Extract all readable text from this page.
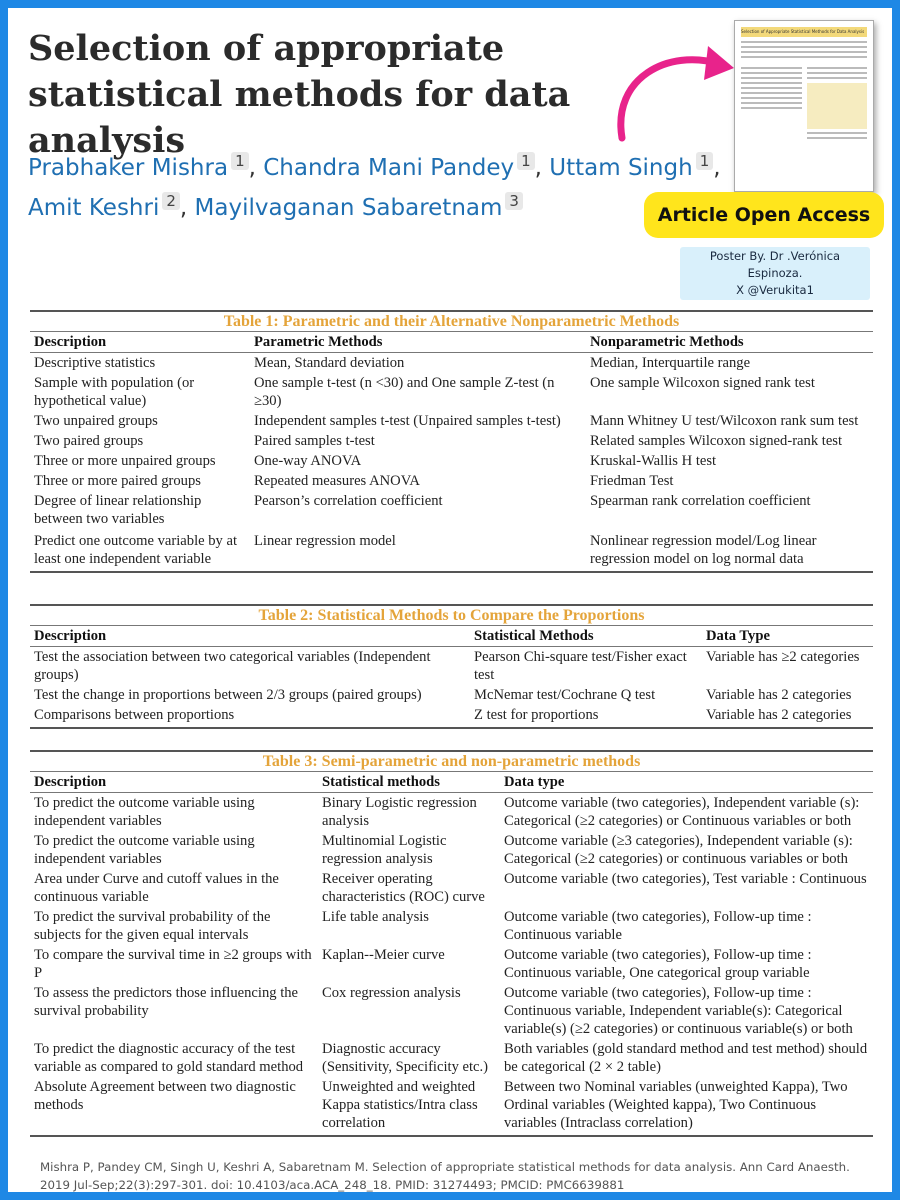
Selection of appropriate statistical methods for data analysis
Prabhaker Mishra $^1$ , Chandra Mani Pandey $^1$ , Uttam Singh $^1$ ,
Amit Keshri $^2$ , Mayilvaganan Sabaretnam $^3$
Selection of Appropriate Statistical Methods for Data Analysis
Article Open Access
Poster By. Dr .Verónica Espinoza.
X @Verukita1
Table 1: Parametric and their Alternative Nonparametric Methods
Description	Parametric Methods	Nonparametric Methods
Descriptive statistics	Mean, Standard deviation	Median, Interquartile range
Sample with population (or hypothetical value)	One sample t-test (n <30) and One sample Z-test (n ≥30)	One sample Wilcoxon signed rank test
Two unpaired groups	Independent samples t-test (Unpaired samples t-test)	Mann Whitney U test/Wilcoxon rank sum test
Two paired groups	Paired samples t-test	Related samples Wilcoxon signed-rank test
Three or more unpaired groups	One-way ANOVA	Kruskal-Wallis H test
Three or more paired groups	Repeated measures ANOVA	Friedman Test
Degree of linear relationship between two variables	Pearson’s correlation coefficient	Spearman rank correlation coefficient
Predict one outcome variable by at least one independent variable	Linear regression model	Nonlinear regression model/Log linear regression model on log normal data
Table 2: Statistical Methods to Compare the Proportions
Description	Statistical Methods	Data Type
Test the association between two categorical variables (Independent groups)	Pearson Chi-square test/Fisher exact test	Variable has ≥2 categories
Test the change in proportions between 2/3 groups (paired groups)	McNemar test/Cochrane Q test	Variable has 2 categories
Comparisons between proportions	Z test for proportions	Variable has 2 categories
Table 3: Semi-parametric and non-parametric methods
Description	Statistical methods	Data type
To predict the outcome variable using independent variables	Binary Logistic regression analysis	Outcome variable (two categories), Independent variable (s): Categorical (≥2 categories) or Continuous variables or both
To predict the outcome variable using independent variables	Multinomial Logistic regression analysis	Outcome variable (≥3 categories), Independent variable (s): Categorical (≥2 categories) or continuous variables or both
Area under Curve and cutoff values in the continuous variable	Receiver operating characteristics (ROC) curve	Outcome variable (two categories), Test variable : Continuous
To predict the survival probability of the subjects for the given equal intervals	Life table analysis	Outcome variable (two categories), Follow-up time : Continuous variable
To compare the survival time in ≥2 groups with P	Kaplan--Meier curve	Outcome variable (two categories), Follow-up time : Continuous variable, One categorical group variable
To assess the predictors those influencing the survival probability	Cox regression analysis	Outcome variable (two categories), Follow-up time : Continuous variable, Independent variable(s): Categorical variable(s) (≥2 categories) or continuous variable(s) or both
To predict the diagnostic accuracy of the test variable as compared to gold standard method	Diagnostic accuracy (Sensitivity, Specificity etc.)	Both variables (gold standard method and test method) should be categorical (2 × 2 table)
Absolute Agreement between two diagnostic methods	Unweighted and weighted Kappa statistics/Intra class correlation	Between two Nominal variables (unweighted Kappa), Two Ordinal variables (Weighted kappa), Two Continuous variables (Intraclass correlation)
Mishra P, Pandey CM, Singh U, Keshri A, Sabaretnam M. Selection of appropriate statistical methods for data analysis. Ann Card Anaesth. 2019 Jul-Sep;22(3):297-301. doi: 10.4103/aca.ACA_248_18. PMID: 31274493; PMCID: PMC6639881
